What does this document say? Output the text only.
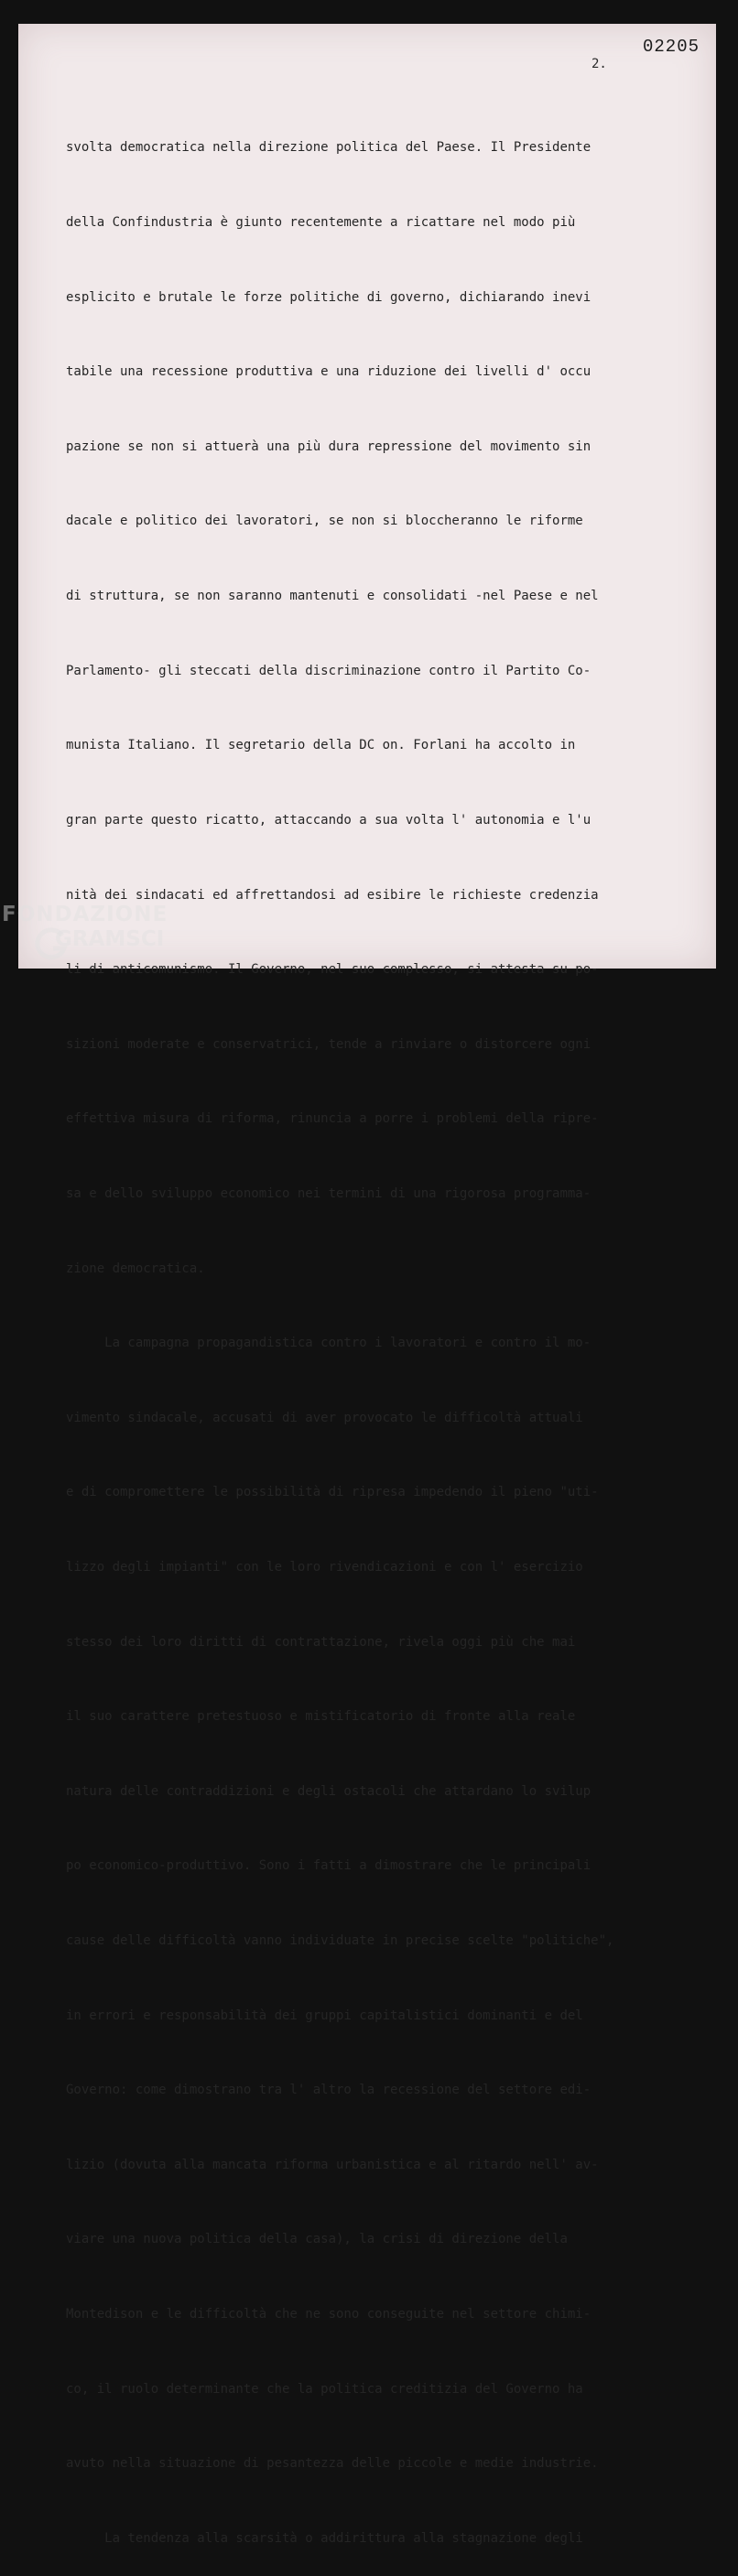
02205
2.

svolta democratica nella direzione politica del Paese. Il Presidente

della Confindustria è giunto recentemente a ricattare nel modo più

esplicito e brutale le forze politiche di governo, dichiarando inevi

tabile una recessione produttiva e una riduzione dei livelli d' occu

pazione se non si attuerà una più dura repressione del movimento sin

dacale e politico dei lavoratori, se non si bloccheranno le riforme

di struttura, se non saranno mantenuti e consolidati -nel Paese e nel

Parlamento- gli steccati della discriminazione contro il Partito Co-

munista Italiano. Il segretario della DC on. Forlani ha accolto in

gran parte questo ricatto, attaccando a sua volta l' autonomia e l'u

nità dei sindacati ed affrettandosi ad esibire le richieste credenzia

li di anticomunismo. Il Governo, nel suo complesso, si attesta su po-

sizioni moderate e conservatrici, tende a rinviare o distorcere ogni

effettiva misura di riforma, rinuncia a porre i problemi della ripre-

sa e dello sviluppo economico nei termini di una rigorosa programma-

zione democratica.

La campagna propagandistica contro i lavoratori e contro il mo-

vimento sindacale, accusati di aver provocato le difficoltà attuali

e di compromettere le possibilità di ripresa impedendo il pieno "uti-

lizzo degli impianti" con le loro rivendicazioni e con l' esercizio

stesso dei loro diritti di contrattazione, rivela oggi più che mai

il suo carattere pretestuoso e mistificatorio di fronte alla reale

natura delle contraddizioni e degli ostacoli che attardano lo svilup

po economico-produttivo. Sono i fatti a dimostrare che le principali

cause delle difficoltà vanno individuate in precise scelte "politiche",

in errori e responsabilità dei gruppi capitalistici dominanti e del

Governo: come dimostrano tra l' altro la recessione del settore edi-

lizio (dovuta alla mancata riforma urbanistica e al ritardo nell' av-

viare una nuova politica della casa), la crisi di direzione della

Montedison e le difficoltà che ne sono conseguite nel settore chimi-

co, il ruolo determinante che la politica creditizia del Governo ha

avuto nella situazione di pesantezza delle piccole e medie industrie.

La tendenza alla scarsità o addirittura alla stagnazione degli

FONDAZIONE
GRAMSCI
